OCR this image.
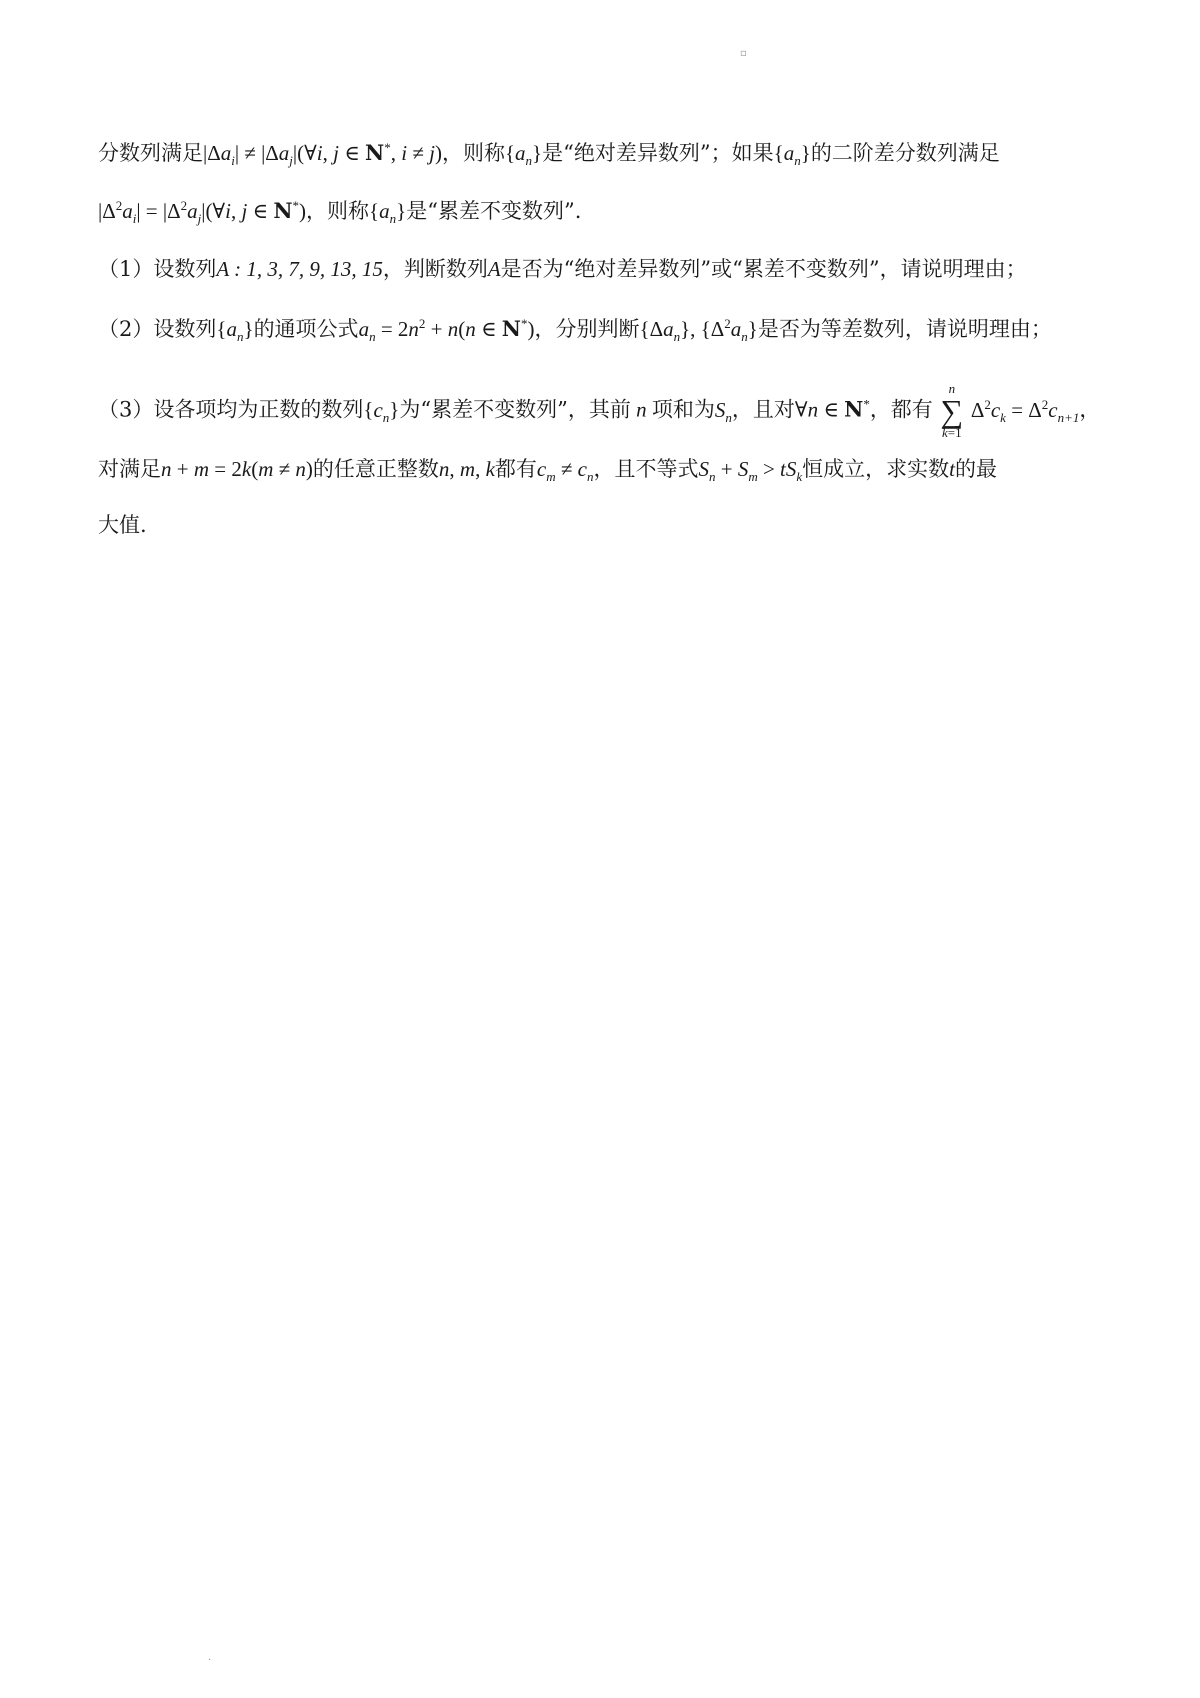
▫
分数列满足$|\Delta a_i|$ ≠ $|\Delta a_j|(\forall i$, j ∈ N*, i ≠ j)，则称$\{a_n\}$是“绝对差异数列”；如果$\{a_n\}$的二阶差分数列满足
$|\Delta^2a_i|$ = $|\Delta^2a_j|(\forall i$, j ∈ N*)，则称$\{a_n\}$是“累差不变数列”.
（1）设数列A : 1, 3, 7, 9, 13, 15，判断数列A是否为“绝对差异数列”或“累差不变数列”，请说明理由；
（2）设数列$\{a_n\}$的通项公式$a_n = 2n^2 + n(n$ ∈ N*)，分别判断$\{\Delta a_n\}$, $\{\Delta^2a_n\}$是否为等差数列，请说明理由；
（3）设各项均为正数的数列$\{c_n\}$为“累差不变数列”，其前 n 项和为$S_n$，且对∀n ∈ N*，都有
n
∑
k=1
$\Delta^2c_k = \Delta^2c_{n+1}$，
对满足n + m = 2k(m ≠ n)的任意正整数n, m, k都有$c_m \ne c_n$，且不等式$S_n + S_m > tS_k$恒成立，求实数t的最
大值.
·
